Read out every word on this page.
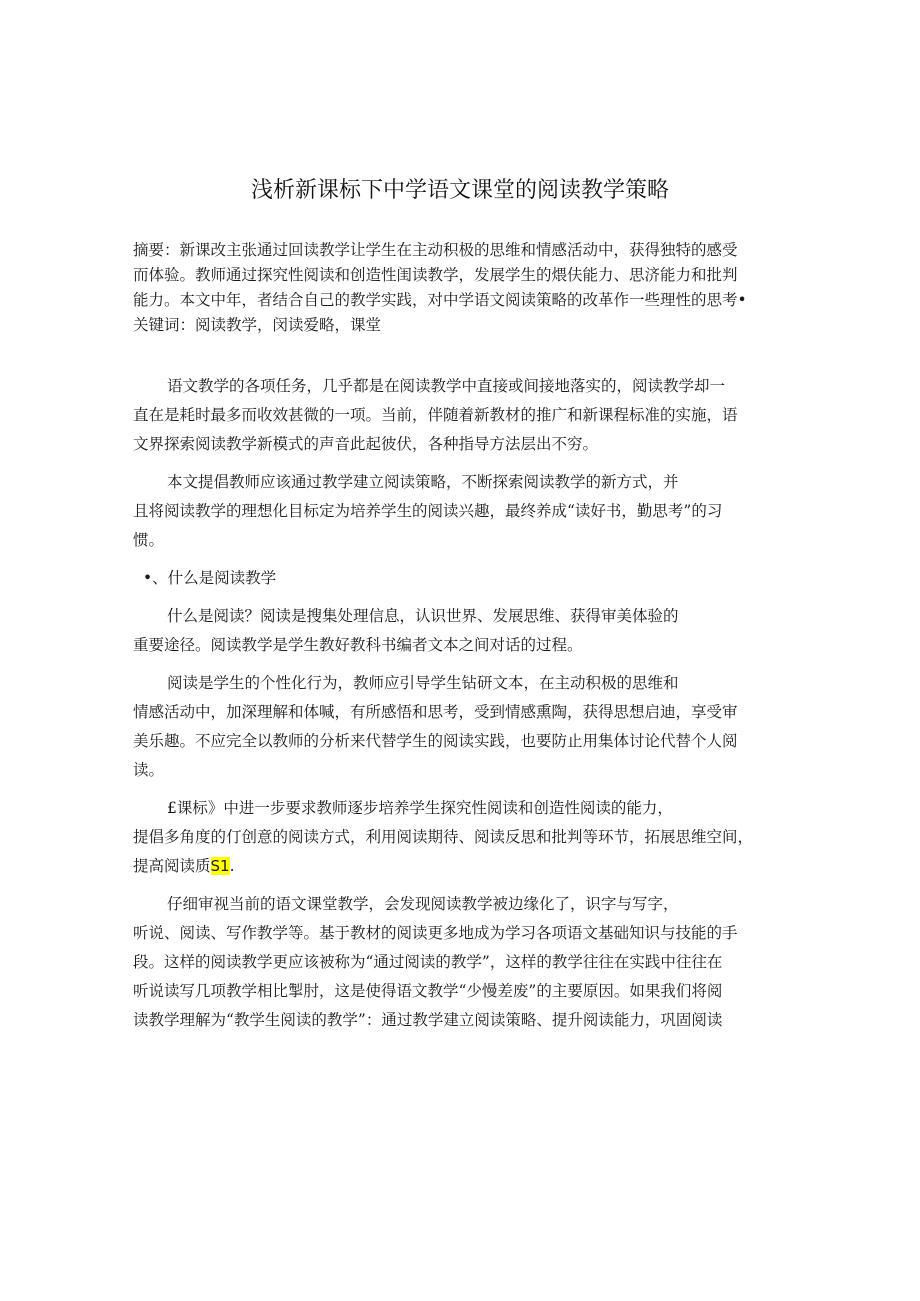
浅析新课标下中学语文课堂的阅读教学策略
摘要：新课改主张通过回读教学让学生在主动积极的思维和情感活动中，获得独特的感受
而体验。教师通过探究性阅读和创造性闺读教学，发展学生的煨伕能力、思济能力和批判
能力。本文中年，者结合自己的教学实践，对中学语文阅读策略的改革作一些理性的思考•
关键词：阅读教学，闵读爱略，课堂
语文教学的各项任务，几乎都是在阅读教学中直接或间接地落实的，阅读教学却一
直在是耗时最多而收效甚微的一项。当前，伴随着新教材的推广和新课程标准的实施，语
文界探索阅读教学新模式的声音此起彼伏，各种指导方法层出不穷。
本文提倡教师应该通过教学建立阅读策略，不断探索阅读教学的新方式，并
且将阅读教学的理想化目标定为培养学生的阅读兴趣，最终养成“读好书，勤思考”的习
惯。
•、什么是阅读教学
什么是阅读？阅读是搜集处理信息，认识世界、发展思维、获得审美体验的
重要途径。阅读教学是学生教好教科书编者文本之间对话的过程。
阅读是学生的个性化行为，教师应引导学生钻研文本，在主动积极的思维和
情感活动中，加深理解和体喊，有所感悟和思考，受到情感熏陶，获得思想启迪，享受审
美乐趣。不应完全以教师的分析来代替学生的阅读实践，也要防止用集体讨论代替个人阅
读。
£课标》中进一步要求教师逐步培养学生探究性阅读和创造性阅读的能力，
提倡多角度的仃创意的阅读方式，利用阅读期待、阅读反思和批判等环节，拓展思维空间，
提高阅读质S1.
仔细审视当前的语文课堂教学，会发现阅读教学被边缘化了，识字与写字，
听说、阅读、写作教学等。基于教材的阅读更多地成为学习各项语文基础知识与技能的手
段。这样的阅读教学更应该被称为“通过阅读的教学”，这样的教学往往在实践中往往在
听说读写几项教学相比掣肘，这是使得语文教学“少慢差废”的主要原因。如果我们将阅
读教学理解为“教学生阅读的教学”：通过教学建立阅读策略、提升阅读能力，巩固阅读
